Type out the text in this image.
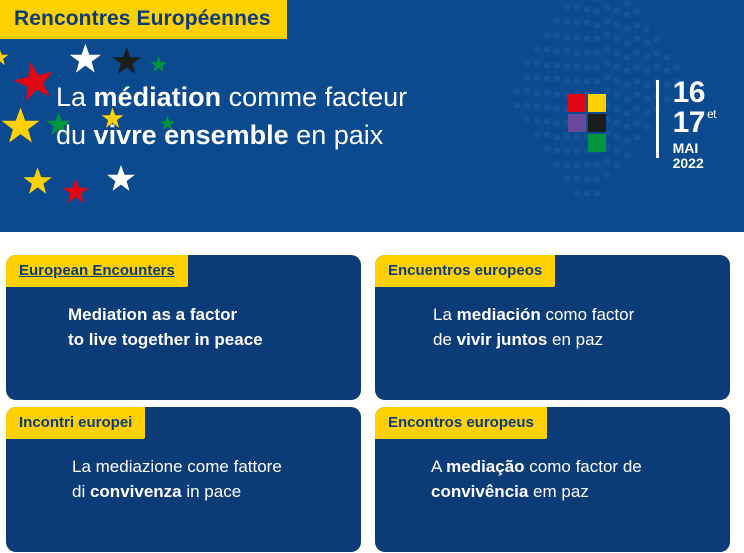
Rencontres Européennes
La médiation comme facteur
du vivre ensemble en paix
16
17 $^{et}$
MAI
2022
European Encounters
Mediation as a factor
to live together in peace
Encuentros europeos
La mediación como factor
de vivir juntos en paz
Incontri europei
La mediazione come fattore
di convivenza in pace
Encontros europeus
A mediação como factor de
convivência em paz
